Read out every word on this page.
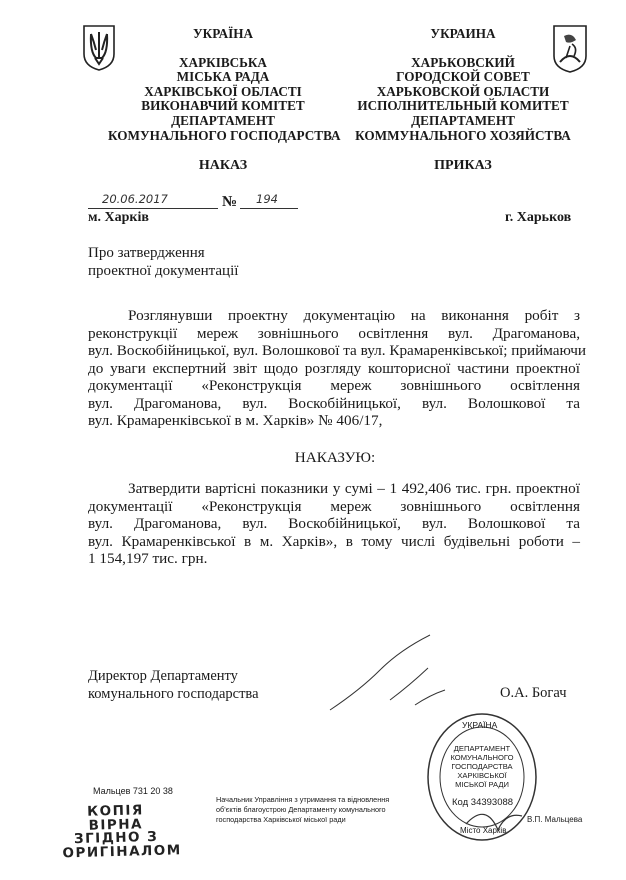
УКРАЇНА
ХАРКІВСЬКА
МІСЬКА РАДА
ХАРКІВСЬКОЇ ОБЛАСТІ
ВИКОНАВЧИЙ КОМІТЕТ
ДЕПАРТАМЕНТ
КОМУНАЛЬНОГО ГОСПОДАРСТВА
НАКАЗ
УКРАИНА
ХАРЬКОВСКИЙ
ГОРОДСКОЙ СОВЕТ
ХАРЬКОВСКОЙ ОБЛАСТИ
ИСПОЛНИТЕЛЬНЫЙ КОМИТЕТ
ДЕПАРТАМЕНТ
КОММУНАЛЬНОГО ХОЗЯЙСТВА
ПРИКАЗ
20.06.2017	№ 194
м. Харків	г. Харьков
Про затвердження
проектної документації
Розглянувши проектну документацію на виконання робіт з
реконструкції мереж зовнішнього освітлення вул. Драгоманова,
вул. Воскобійницької, вул. Волошкової та вул. Крамаренківської; приймаючи
до уваги експертний звіт щодо розгляду кошторисної частини проектної
документації «Реконструкція мереж зовнішнього освітлення
вул. Драгоманова, вул. Воскобійницької, вул. Волошкової та
вул. Крамаренківської в м. Харків» № 406/17,
НАКАЗУЮ:
Затвердити вартісні показники у сумі – 1 492,406 тис. грн. проектної
документації «Реконструкція мереж зовнішнього освітлення
вул. Драгоманова, вул. Воскобійницької, вул. Волошкової та
вул. Крамаренківської в м. Харків», в тому числі будівельні роботи –
1 154,197 тис. грн.
Директор Департаменту
комунального господарства	О.А. Богач
Мальцев 731 20 38
КОПІЯ ВІРНА
ЗГІДНО З
ОРИГІНАЛОМ
Начальник Управління з утримання та відновлення
об'єктів благоустрою Департаменту комунального
господарства Харківської міської ради	В.П. Мальцева
УКРАЇНА
ДЕПАРТАМЕНТ
КОМУНАЛЬНОГО
ГОСПОДАРСТВА
ХАРКІВСЬКОЇ
МІСЬКОЇ РАДИ
Код 34393088
Місто Харків
